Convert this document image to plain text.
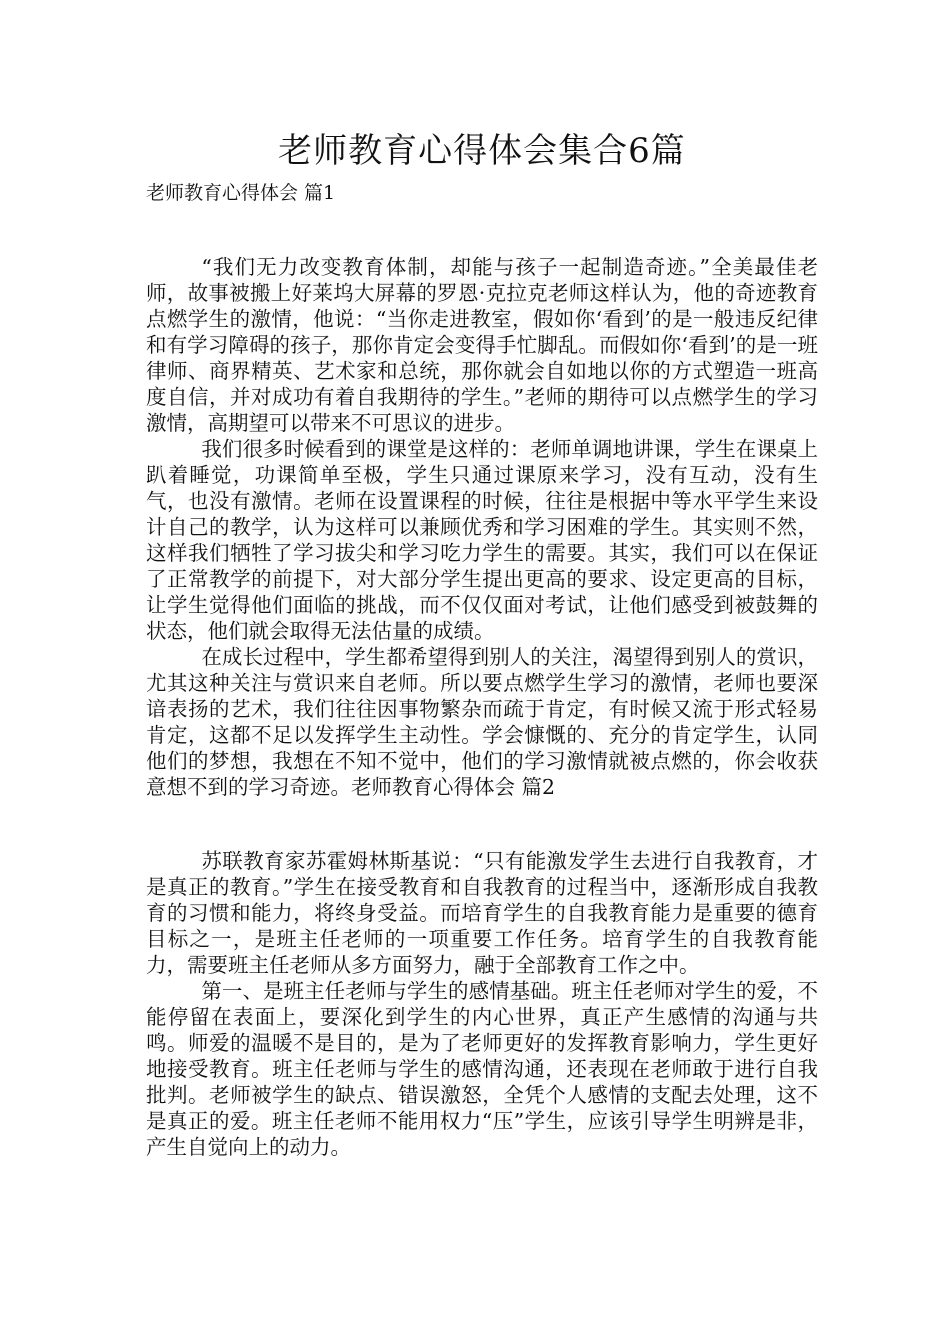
老师教育心得体会集合6篇
老师教育心得体会 篇1

“我们无力改变教育体制，却能与孩子一起制造奇迹。”全美最佳老师，故事被搬上好莱坞大屏幕的罗恩·克拉克老师这样认为，他的奇迹教育点燃学生的激情，他说：“当你走进教室，假如你‘看到’的是一般违反纪律和有学习障碍的孩子，那你肯定会变得手忙脚乱。而假如你‘看到’的是一班律师、商界精英、艺术家和总统，那你就会自如地以你的方式塑造一班高度自信，并对成功有着自我期待的学生。”老师的期待可以点燃学生的学习激情，高期望可以带来不可思议的进步。

我们很多时候看到的课堂是这样的：老师单调地讲课，学生在课桌上趴着睡觉，功课简单至极，学生只通过课原来学习，没有互动，没有生气，也没有激情。老师在设置课程的时候，往往是根据中等水平学生来设计自己的教学，认为这样可以兼顾优秀和学习困难的学生。其实则不然，这样我们牺牲了学习拔尖和学习吃力学生的需要。其实，我们可以在保证了正常教学的前提下，对大部分学生提出更高的要求、设定更高的目标，让学生觉得他们面临的挑战，而不仅仅面对考试，让他们感受到被鼓舞的状态，他们就会取得无法估量的成绩。

在成长过程中，学生都希望得到别人的关注，渴望得到别人的赏识，尤其这种关注与赏识来自老师。所以要点燃学生学习的激情，老师也要深谙表扬的艺术，我们往往因事物繁杂而疏于肯定，有时候又流于形式轻易肯定，这都不足以发挥学生主动性。学会慷慨的、充分的肯定学生，认同他们的梦想，我想在不知不觉中，他们的学习激情就被点燃的，你会收获意想不到的学习奇迹。老师教育心得体会 篇2

苏联教育家苏霍姆林斯基说：“只有能激发学生去进行自我教育，才是真正的教育。”学生在接受教育和自我教育的过程当中，逐渐形成自我教育的习惯和能力，将终身受益。而培育学生的自我教育能力是重要的德育目标之一，是班主任老师的一项重要工作任务。培育学生的自我教育能力，需要班主任老师从多方面努力，融于全部教育工作之中。

第一、是班主任老师与学生的感情基础。班主任老师对学生的爱，不能停留在表面上，要深化到学生的内心世界，真正产生感情的沟通与共鸣。师爱的温暖不是目的，是为了老师更好的发挥教育影响力，学生更好地接受教育。班主任老师与学生的感情沟通，还表现在老师敢于进行自我批判。老师被学生的缺点、错误激怒，全凭个人感情的支配去处理，这不是真正的爱。班主任老师不能用权力“压”学生，应该引导学生明辨是非，产生自觉向上的动力。
